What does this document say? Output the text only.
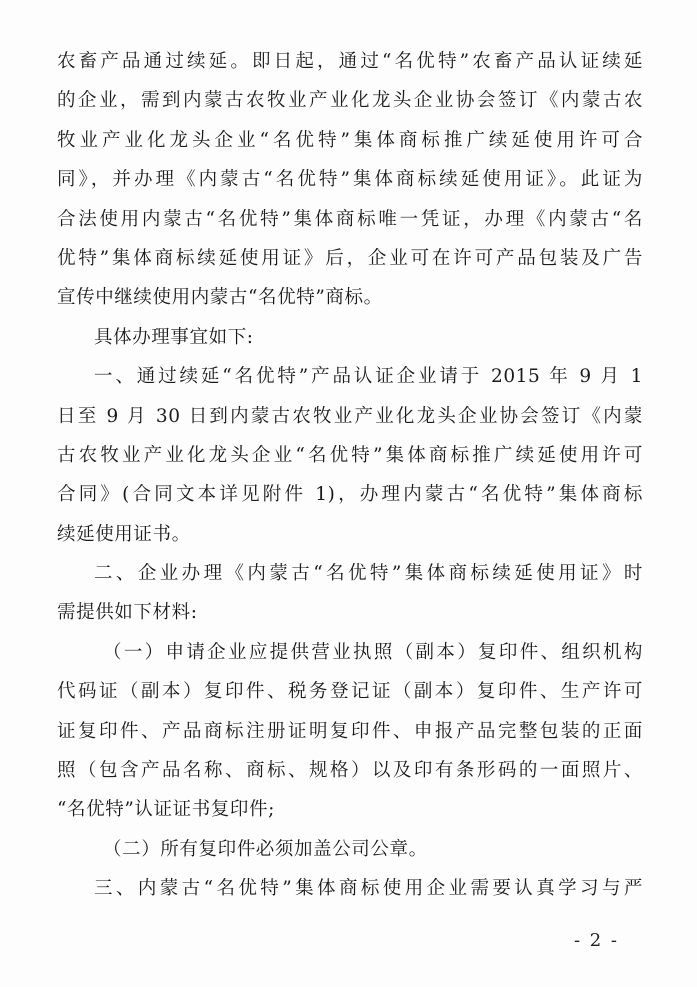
农畜产品通过续延。即日起，通过“名优特”农畜产品认证续延
的企业，需到内蒙古农牧业产业化龙头企业协会签订《内蒙古农
牧业产业化龙头企业“名优特”集体商标推广续延使用许可合
同》，并办理《内蒙古“名优特”集体商标续延使用证》。此证为
合法使用内蒙古“名优特”集体商标唯一凭证，办理《内蒙古“名
优特”集体商标续延使用证》后，企业可在许可产品包装及广告
宣传中继续使用内蒙古“名优特”商标。
具体办理事宜如下:
一、通过续延“名优特”产品认证企业请于 2015 年 9 月 1
日至 9 月 30 日到内蒙古农牧业产业化龙头企业协会签订《内蒙
古农牧业产业化龙头企业“名优特”集体商标推广续延使用许可
合同》(合同文本详见附件 1)，办理内蒙古“名优特”集体商标
续延使用证书。
二、企业办理《内蒙古“名优特”集体商标续延使用证》时
需提供如下材料:
（一）申请企业应提供营业执照（副本）复印件、组织机构
代码证（副本）复印件、税务登记证（副本）复印件、生产许可
证复印件、产品商标注册证明复印件、申报产品完整包装的正面
照（包含产品名称、商标、规格）以及印有条形码的一面照片、
“名优特”认证证书复印件;
（二）所有复印件必须加盖公司公章。
三、内蒙古“名优特”集体商标使用企业需要认真学习与严
- 2 -
